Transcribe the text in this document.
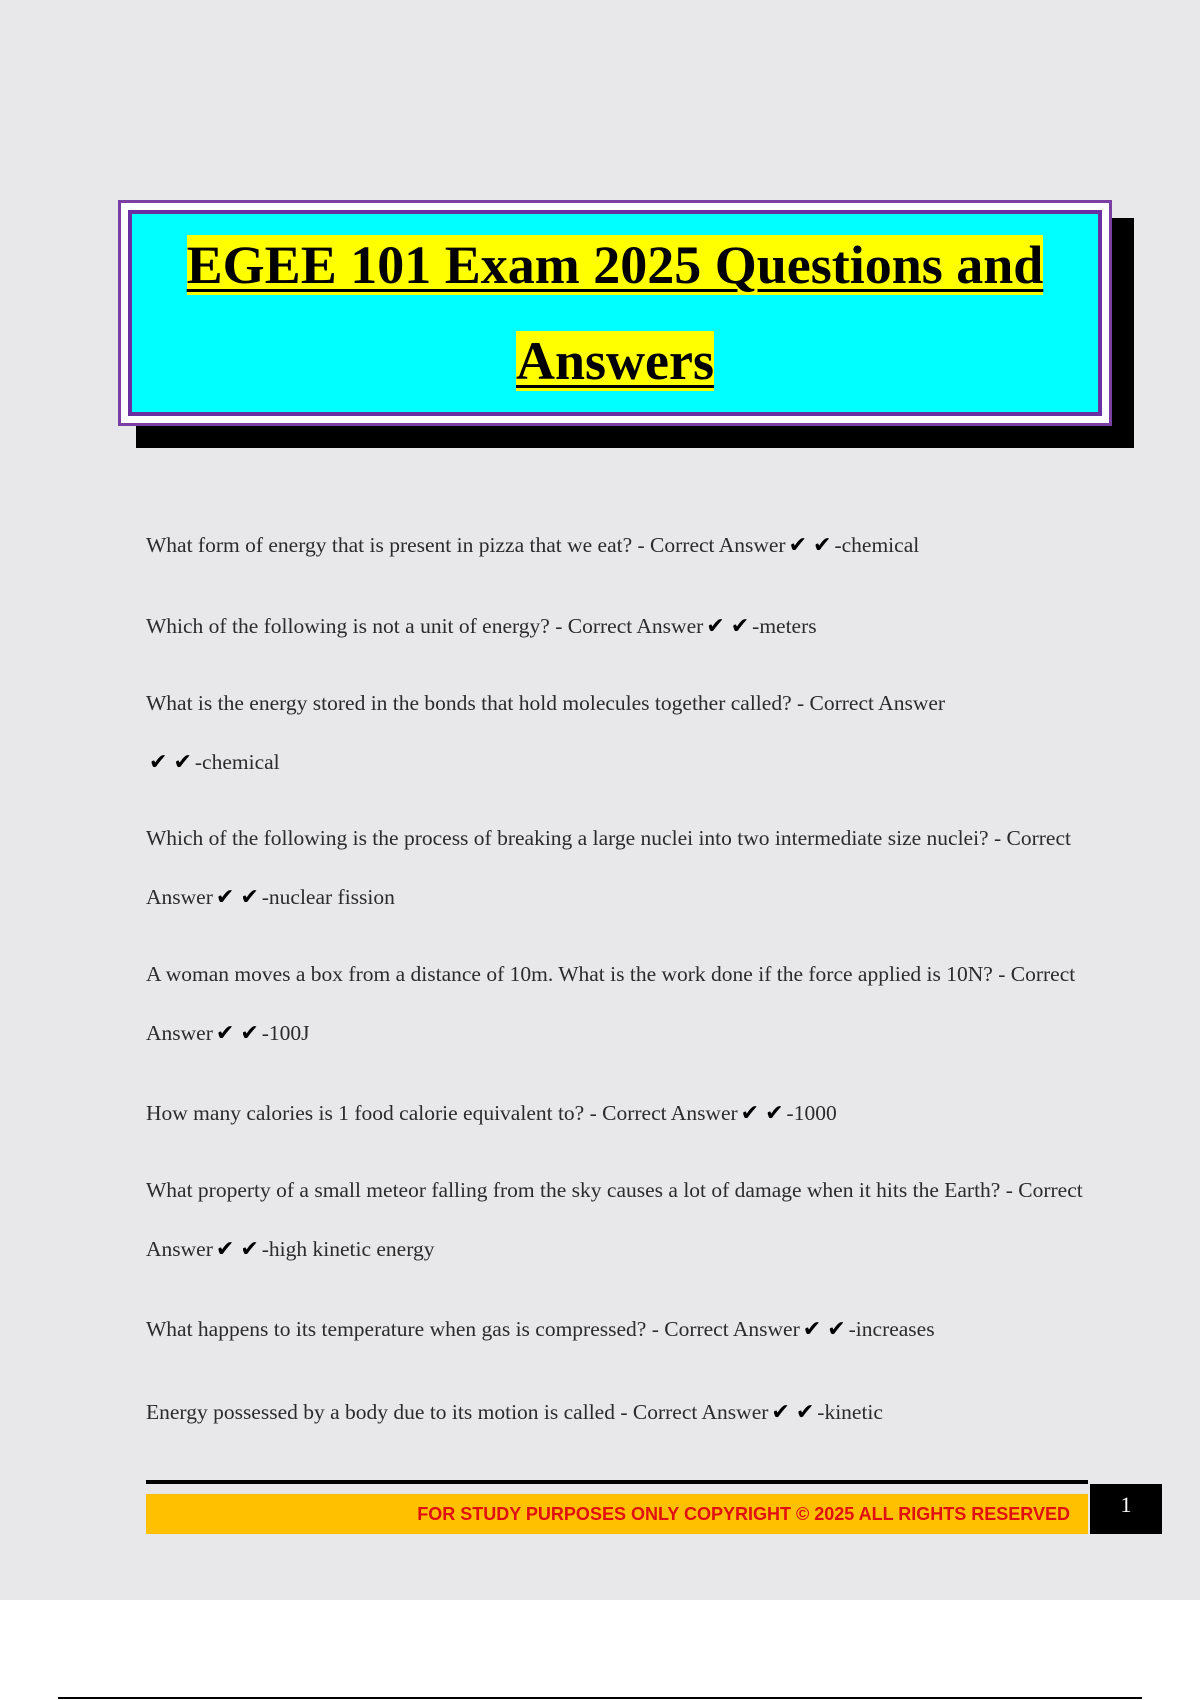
EGEE 101 Exam 2025 Questions and
Answers
What form of energy that is present in pizza that we eat? - Correct Answer ✔ ✔ -chemical
Which of the following is not a unit of energy? - Correct Answer ✔ ✔ -meters
What is the energy stored in the bonds that hold molecules together called? - Correct Answer✔ ✔ -chemical
Which of the following is the process of breaking a large nuclei into two intermediate size nuclei? - Correct Answer ✔ ✔ -nuclear fission
A woman moves a box from a distance of 10m. What is the work done if the force applied is 10N? - Correct Answer ✔ ✔ -100J
How many calories is 1 food calorie equivalent to? - Correct Answer ✔ ✔ -1000
What property of a small meteor falling from the sky causes a lot of damage when it hits the Earth? - Correct Answer ✔ ✔ -high kinetic energy
What happens to its temperature when gas is compressed? - Correct Answer ✔ ✔ -increases
Energy possessed by a body due to its motion is called - Correct Answer ✔ ✔ -kinetic
FOR STUDY PURPOSES ONLY COPYRIGHT © 2025 ALL RIGHTS RESERVED	1
